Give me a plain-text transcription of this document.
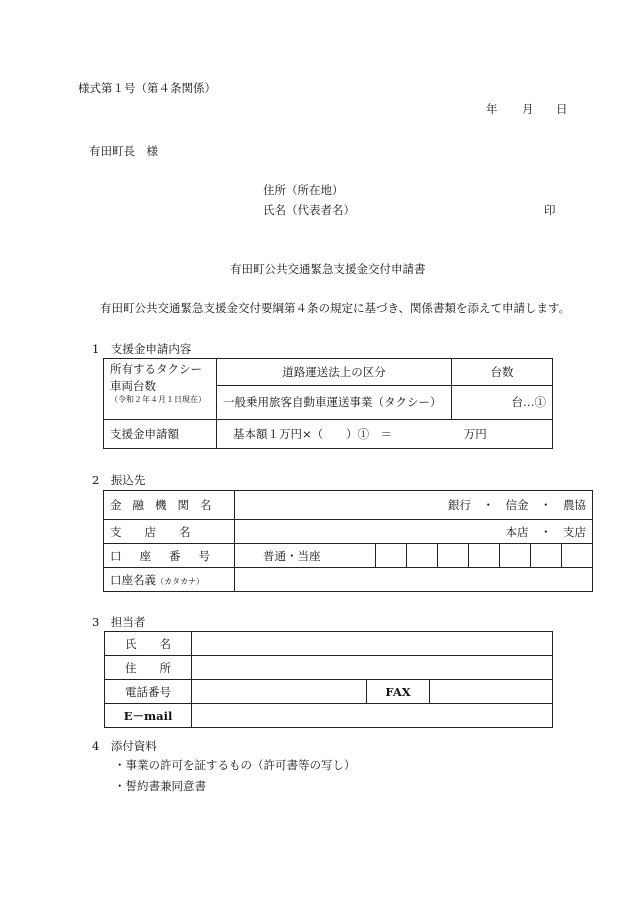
様式第１号（第４条関係）
年 月 日
有田町長　様
住所（所在地）
氏名（代表者名）	印
有田町公共交通緊急支援金交付申請書
有田町公共交通緊急支援金交付要綱第４条の規定に基づき、関係書類を添えて申請します。
1　支援金申請内容
所有するタクシー
車両台数
（令和２年４月１日現在）	道路運送法上の区分	台数
	一般乗用旅客自動車運送事業（タクシー）	台…①
支援金申請額	基本額１万円×（　　）①　＝ 万円	
2　振込先
金融機関名	銀行　・　信金　・　農協							
支店名	本店　・　支店							
口座番号	普通・当座							
口座名義（カタカナ）								
3　担当者
氏　　名			
住　　所			
電話番号		FAX	
E－mail			
4　添付資料
・事業の許可を証するもの（許可書等の写し）
・誓約書兼同意書
